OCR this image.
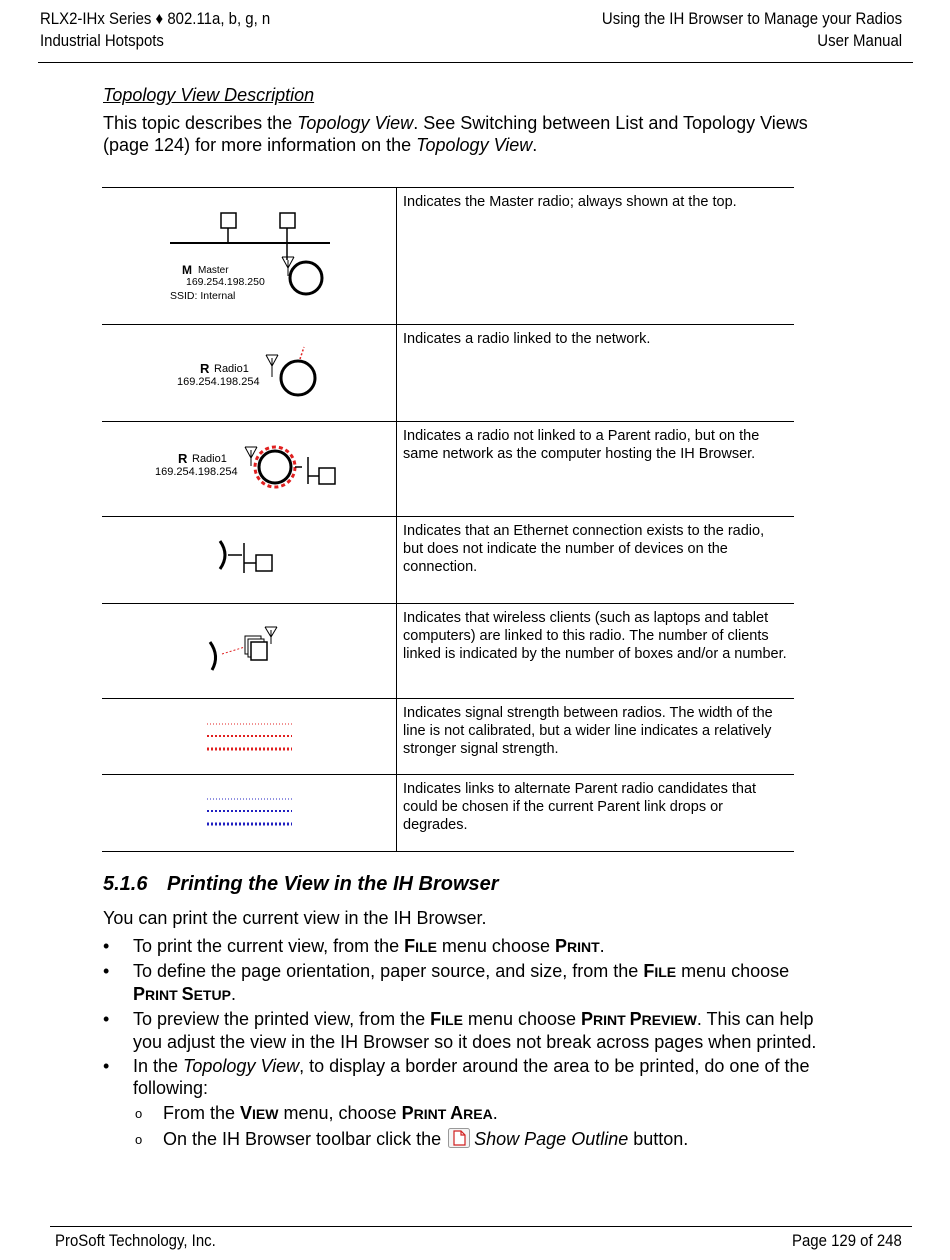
RLX2-IHx Series ♦ 802.11a, b, g, n
Industrial Hotspots
Using the IH Browser to Manage your Radios
User Manual
Topology View Description
This topic describes the Topology View. See Switching between List and Topology Views (page 124) for more information on the Topology View.
M Master
169.254.198.250
SSID: Internal	Indicates the Master radio; always shown at the top.

R Radio1
169.254.198.254	Indicates a radio linked to the network.

R Radio1
169.254.198.254	Indicates a radio not linked to a Parent radio, but on the same network as the computer hosting the IH Browser.

	Indicates that an Ethernet connection exists to the radio, but does not indicate the number of devices on the connection.

	Indicates that wireless clients (such as laptops and tablet computers) are linked to this radio. The number of clients linked is indicated by the number of boxes and/or a number.

	Indicates signal strength between radios. The width of the line is not calibrated, but a wider line indicates a relatively stronger signal strength.

	Indicates links to alternate Parent radio candidates that could be chosen if the current Parent link drops or degrades.
5.1.6 Printing the View in the IH Browser
You can print the current view in the IH Browser.
• To print the current view, from the FILE menu choose PRINT.
• To define the page orientation, paper source, and size, from the FILE menu choose PRINT SETUP.
• To preview the printed view, from the FILE menu choose PRINT PREVIEW. This can help you adjust the view in the IH Browser so it does not break across pages when printed.
• In the Topology View, to display a border around the area to be printed, do one of the following:
o From the VIEW menu, choose PRINT AREA.
o On the IH Browser toolbar click the Show Page Outline button.
ProSoft Technology, Inc.	Page 129 of 248
